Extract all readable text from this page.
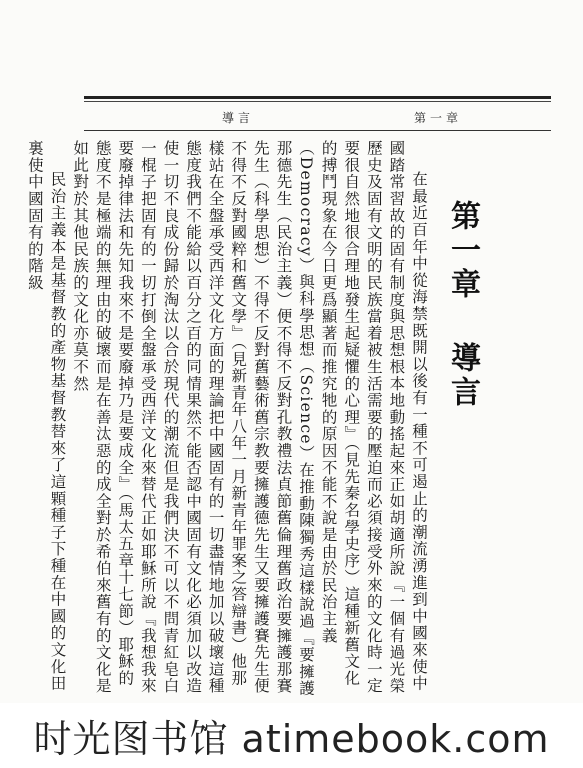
導言	第一章
第一章導言

在最近百年中從海禁既開以後有一種不可遏止的潮流湧進到中國來使中國踏常習故的固有制度與思想根本地動搖起來正如胡適所說『一個有過光榮歷史及固有文明的民族當着被生活需要的壓迫而必須接受外來的文化時一定要很自然地很合理地發生起疑懼的心理』（見先秦名學史序）這種新舊文化的搏鬥現象在今日更爲顯著而推究牠的原因不能不說是由於民治主義（Democracy）與科學思想（Science）在推動陳獨秀這樣說過『要擁護那德先生（民治主義）便不得不反對孔教禮法貞節舊倫理舊政治要擁護那賽先生（科學思想）不得不反對舊藝術舊宗教要擁護德先生又要擁護賽先生便不得不反對國粹和舊文學』（見新青年八年一月新青年罪案之答辯書）他那樣站在全盤承受西洋文化方面的理論把中國固有的一切盡情地加以破壞這種態度我們不能給以百分之百的同情果然不能否認中國固有文化必須加以改造使一切不良成份歸於淘汰以合於現代的潮流但是我們決不可以不問青紅皂白一棍子把固有的一切打倒全盤承受西洋文化來替代正如耶穌所說『我想我來要廢掉律法和先知我來不是要廢掉乃是要成全』（馬太五章十七節）耶穌的態度不是極端的無理由的破壞而是在善汰惡的成全對於希伯來舊有的文化是如此對於其他民族的文化亦莫不然

民治主義本是基督教的產物基督教替來了這顆種子下種在中國的文化田裏使中國固有的階級

时光图书馆 atimebook.com
